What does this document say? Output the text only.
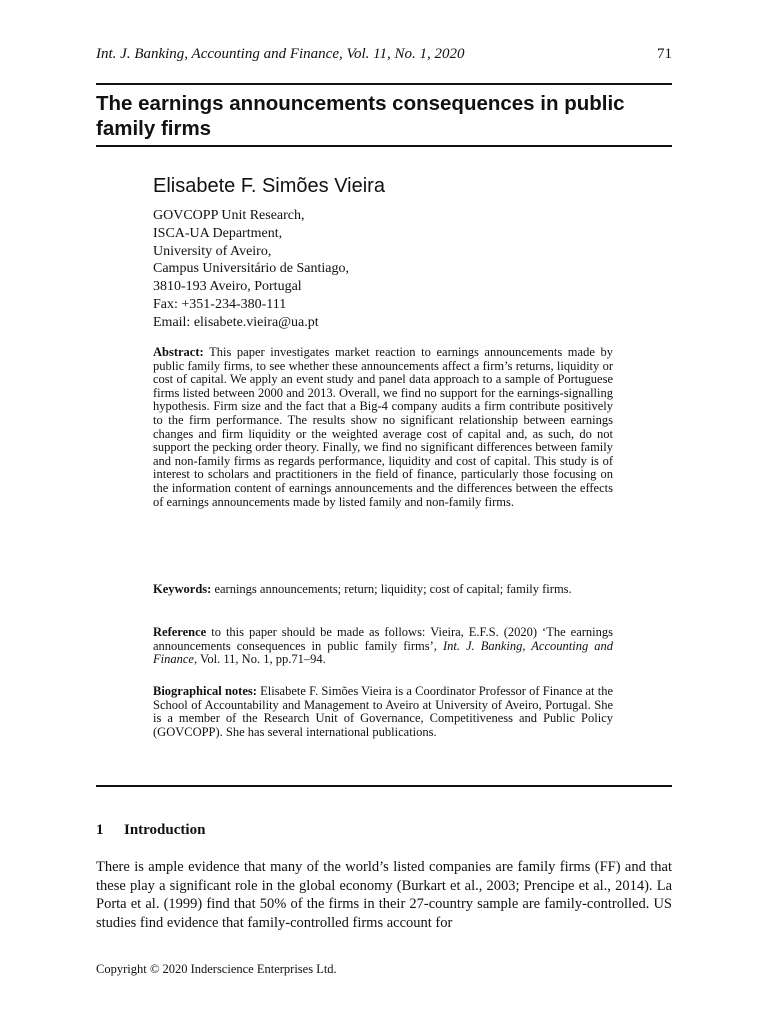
Int. J. Banking, Accounting and Finance, Vol. 11, No. 1, 2020	71
The earnings announcements consequences in public family firms
Elisabete F. Simões Vieira
GOVCOPP Unit Research,
ISCA-UA Department,
University of Aveiro,
Campus Universitário de Santiago,
3810-193 Aveiro, Portugal
Fax: +351-234-380-111
Email: elisabete.vieira@ua.pt

Abstract: This paper investigates market reaction to earnings announcements made by public family firms, to see whether these announcements affect a firm’s returns, liquidity or cost of capital. We apply an event study and panel data approach to a sample of Portuguese firms listed between 2000 and 2013. Overall, we find no support for the earnings-signalling hypothesis. Firm size and the fact that a Big-4 company audits a firm contribute positively to the firm performance. The results show no significant relationship between earnings changes and firm liquidity or the weighted average cost of capital and, as such, do not support the pecking order theory. Finally, we find no significant differences between family and non-family firms as regards performance, liquidity and cost of capital. This study is of interest to scholars and practitioners in the field of finance, particularly those focusing on the information content of earnings announcements and the differences between the effects of earnings announcements made by listed family and non-family firms.

Keywords: earnings announcements; return; liquidity; cost of capital; family firms.

Reference to this paper should be made as follows: Vieira, E.F.S. (2020) ‘The earnings announcements consequences in public family firms’, Int. J. Banking, Accounting and Finance, Vol. 11, No. 1, pp.71–94.

Biographical notes: Elisabete F. Simões Vieira is a Coordinator Professor of Finance at the School of Accountability and Management to Aveiro at University of Aveiro, Portugal. She is a member of the Research Unit of Governance, Competitiveness and Public Policy (GOVCOPP). She has several international publications.

1	Introduction

There is ample evidence that many of the world’s listed companies are family firms (FF) and that these play a significant role in the global economy (Burkart et al., 2003; Prencipe et al., 2014). La Porta et al. (1999) find that 50% of the firms in their 27-country sample are family-controlled. US studies find evidence that family-controlled firms account for

Copyright © 2020 Inderscience Enterprises Ltd.
